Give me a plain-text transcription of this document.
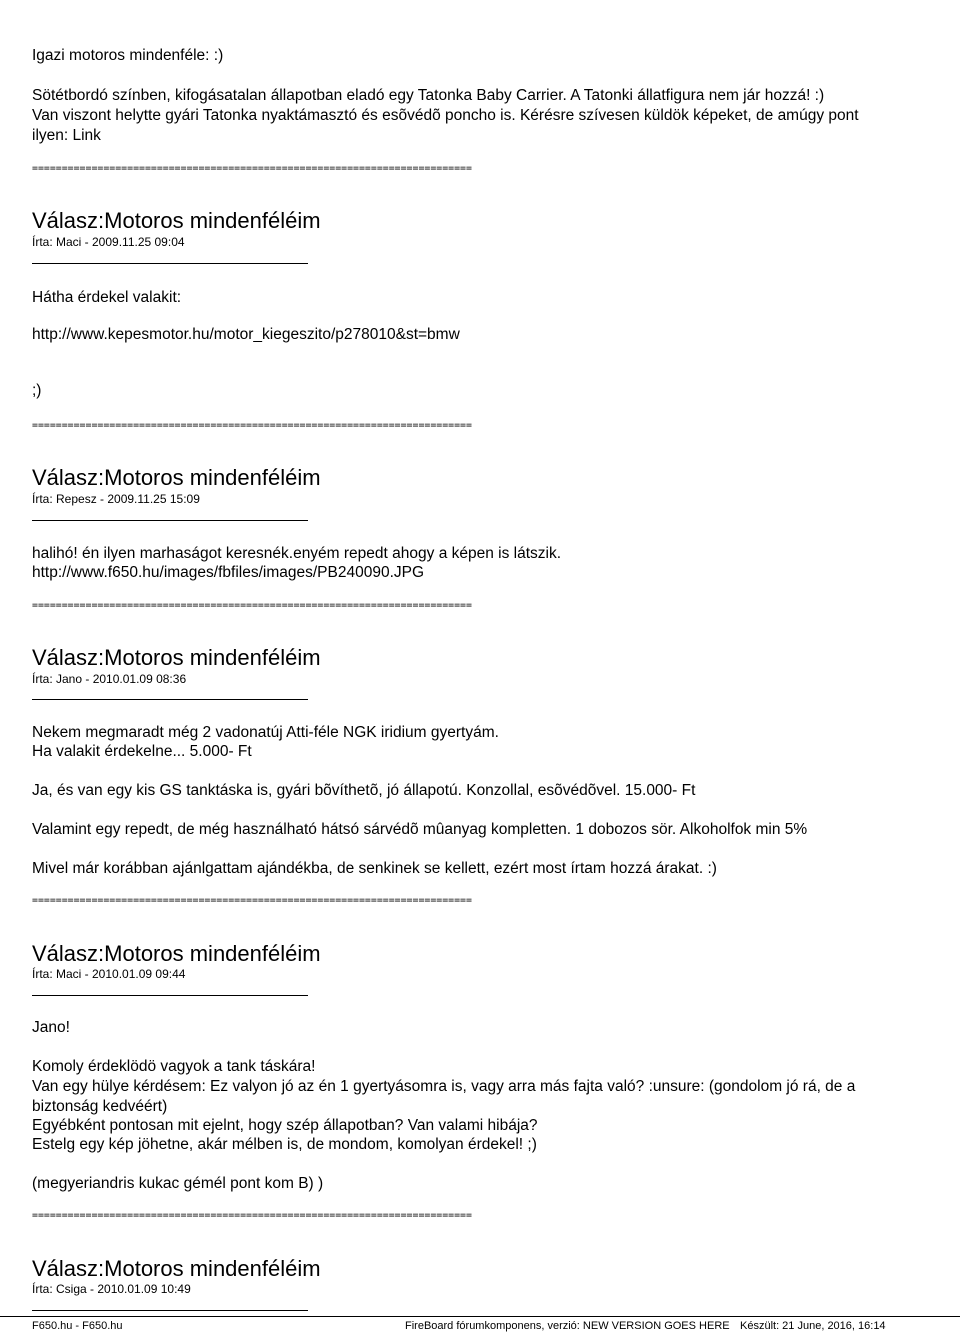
Igazi motoros mindenféle: :)
Sötétbordó színben, kifogásatalan állapotban eladó egy Tatonka Baby Carrier. A Tatonki állatfigura nem jár hozzá! :)
Van viszont helytte gyári Tatonka nyaktámasztó és esõvédõ poncho is. Kérésre szívesen küldök képeket, de amúgy pont
ilyen: Link
==========================================================================
Válasz:Motoros mindenféléim
Írta: Maci - 2009.11.25 09:04
Hátha érdekel valakit:
http://www.kepesmotor.hu/motor_kiegeszito/p278010&st=bmw
;)
==========================================================================
Válasz:Motoros mindenféléim
Írta: Repesz - 2009.11.25 15:09
halihó! én ilyen marhaságot keresnék.enyém repedt ahogy a képen is látszik.
http://www.f650.hu/images/fbfiles/images/PB240090.JPG
==========================================================================
Válasz:Motoros mindenféléim
Írta: Jano - 2010.01.09 08:36
Nekem megmaradt még 2 vadonatúj Atti-féle NGK iridium gyertyám.
Ha valakit érdekelne... 5.000- Ft
Ja, és van egy kis GS tanktáska is, gyári bõvíthetõ, jó állapotú. Konzollal, esõvédõvel. 15.000- Ft
Valamint egy repedt, de még használható hátsó sárvédõ mûanyag kompletten. 1 dobozos sör. Alkoholfok min 5%
Mivel már korábban ajánlgattam ajándékba, de senkinek se kellett, ezért most írtam hozzá árakat. :)
==========================================================================
Válasz:Motoros mindenféléim
Írta: Maci - 2010.01.09 09:44
Jano!
Komoly érdeklödö vagyok a tank táskára!
Van egy hülye kérdésem: Ez valyon jó az én 1 gyertyásomra is, vagy arra más fajta való? :unsure: (gondolom jó rá, de a
biztonság kedvéért)
Egyébként pontosan mit ejelnt, hogy szép állapotban? Van valami hibája?
Estelg egy kép jöhetne, akár mélben is, de mondom, komolyan érdekel! ;)
(megyeriandris kukac gémél pont kom B) )
==========================================================================
Válasz:Motoros mindenféléim
Írta: Csiga - 2010.01.09 10:49
F650.hu - F650.hu	FireBoard fórumkomponens, verzió: NEW VERSION GOES HERE Készült: 21 June, 2016, 16:14
